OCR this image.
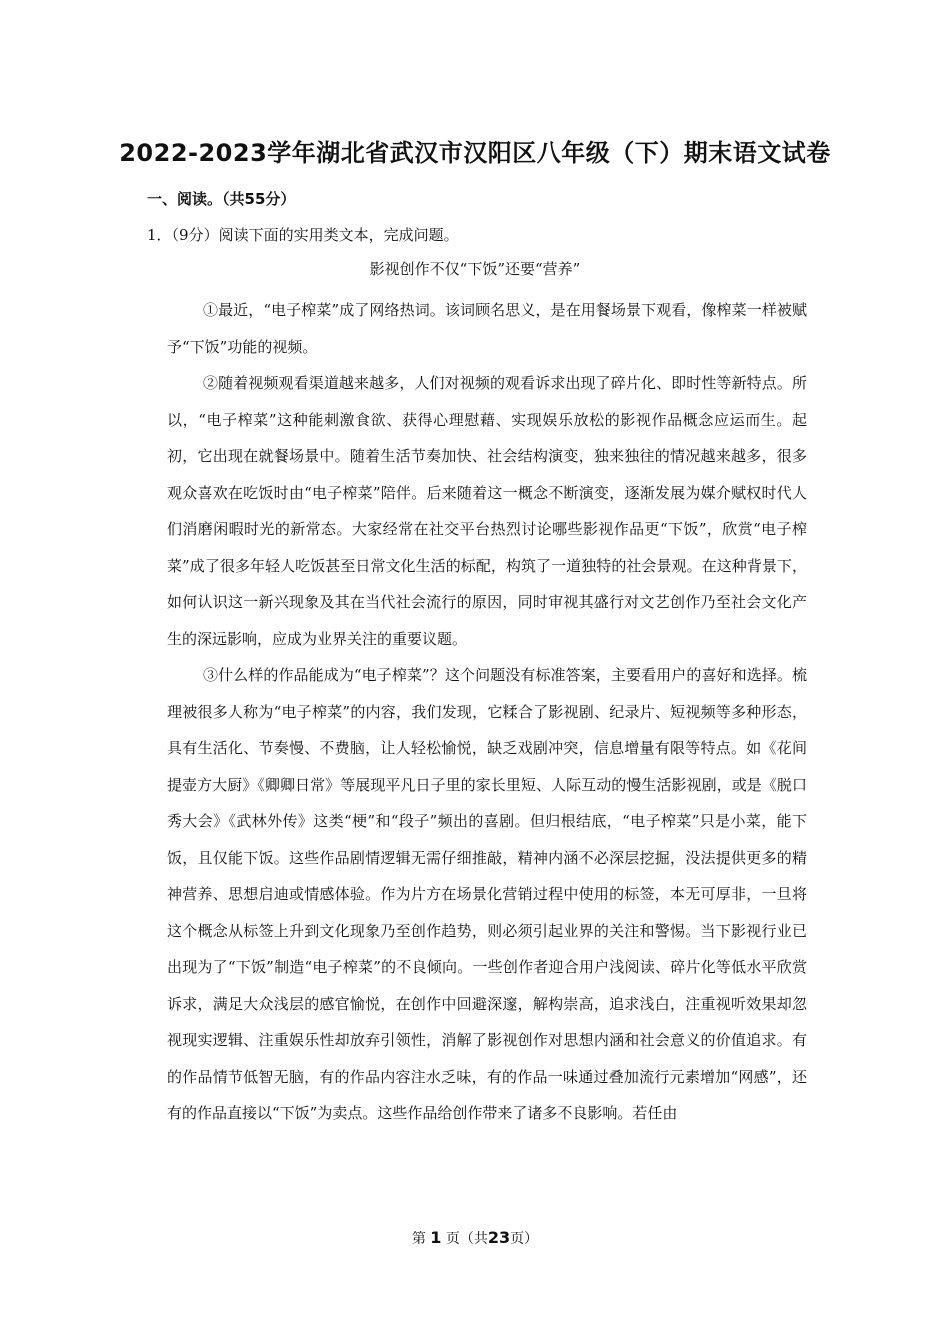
2022-2023学年湖北省武汉市汉阳区八年级（下）期末语文试卷
一、阅读。（共55分）
1．（9分）阅读下面的实用类文本，完成问题。
影视创作不仅“下饭”还要“营养”

①最近，“电子榨菜”成了网络热词。该词顾名思义，是在用餐场景下观看，像榨菜一样被赋予“下饭”功能的视频。

②随着视频观看渠道越来越多，人们对视频的观看诉求出现了碎片化、即时性等新特点。所以，“电子榨菜”这种能刺激食欲、获得心理慰藉、实现娱乐放松的影视作品概念应运而生。起初，它出现在就餐场景中。随着生活节奏加快、社会结构演变，独来独往的情况越来越多，很多观众喜欢在吃饭时由“电子榨菜”陪伴。后来随着这一概念不断演变，逐渐发展为媒介赋权时代人们消磨闲暇时光的新常态。大家经常在社交平台热烈讨论哪些影视作品更“下饭”，欣赏“电子榨菜”成了很多年轻人吃饭甚至日常文化生活的标配，构筑了一道独特的社会景观。在这种背景下，如何认识这一新兴现象及其在当代社会流行的原因，同时审视其盛行对文艺创作乃至社会文化产生的深远影响，应成为业界关注的重要议题。

③什么样的作品能成为“电子榨菜”？这个问题没有标准答案，主要看用户的喜好和选择。梳理被很多人称为“电子榨菜”的内容，我们发现，它糅合了影视剧、纪录片、短视频等多种形态，具有生活化、节奏慢、不费脑，让人轻松愉悦，缺乏戏剧冲突，信息增量有限等特点。如《花间提壶方大厨》《卿卿日常》等展现平凡日子里的家长里短、人际互动的慢生活影视剧，或是《脱口秀大会》《武林外传》这类“梗”和“段子”频出的喜剧。但归根结底，“电子榨菜”只是小菜，能下饭，且仅能下饭。这些作品剧情逻辑无需仔细推敲，精神内涵不必深层挖掘，没法提供更多的精神营养、思想启迪或情感体验。作为片方在场景化营销过程中使用的标签，本无可厚非，一旦将这个概念从标签上升到文化现象乃至创作趋势，则必须引起业界的关注和警惕。当下影视行业已出现为了“下饭”制造“电子榨菜”的不良倾向。一些创作者迎合用户浅阅读、碎片化等低水平欣赏诉求，满足大众浅层的感官愉悦，在创作中回避深邃，解构崇高，追求浅白，注重视听效果却忽视现实逻辑、注重娱乐性却放弃引领性，消解了影视创作对思想内涵和社会意义的价值追求。有的作品情节低智无脑，有的作品内容注水乏味，有的作品一味通过叠加流行元素增加“网感”，还有的作品直接以“下饭”为卖点。这些作品给创作带来了诸多不良影响。若任由

第 1 页（共23页）
